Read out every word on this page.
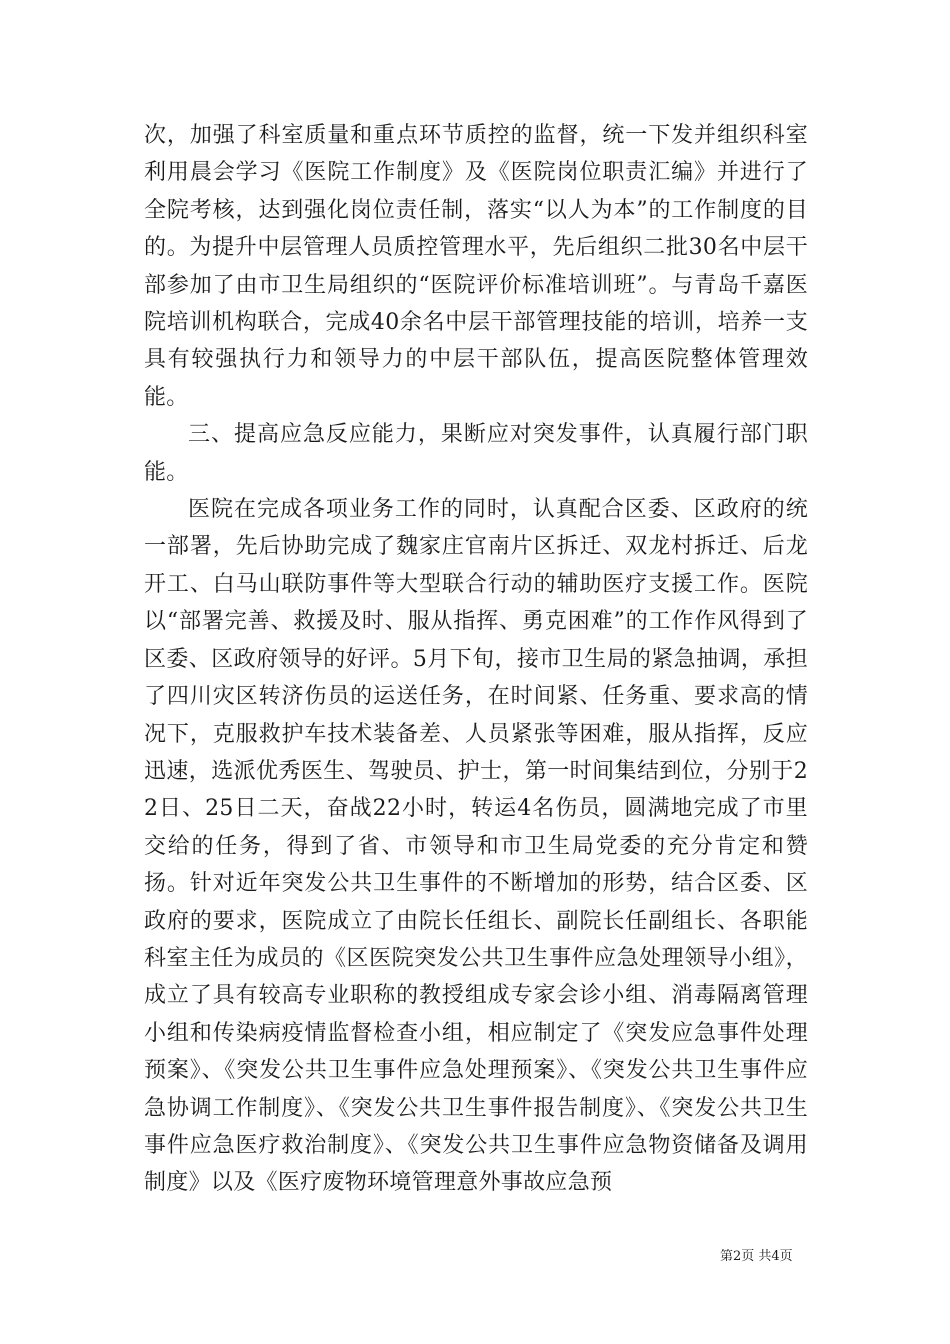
次，加强了科室质量和重点环节质控的监督，统一下发并组织科室利用晨会学习《医院工作制度》及《医院岗位职责汇编》并进行了全院考核，达到强化岗位责任制，落实“以人为本”的工作制度的目的。为提升中层管理人员质控管理水平，先后组织二批30名中层干部参加了由市卫生局组织的“医院评价标准培训班”。与青岛千嘉医院培训机构联合，完成40余名中层干部管理技能的培训，培养一支具有较强执行力和领导力的中层干部队伍，提高医院整体管理效能。

三、提高应急反应能力，果断应对突发事件，认真履行部门职能。

医院在完成各项业务工作的同时，认真配合区委、区政府的统一部署，先后协助完成了魏家庄官南片区拆迁、双龙村拆迁、后龙开工、白马山联防事件等大型联合行动的辅助医疗支援工作。医院以“部署完善、救援及时、服从指挥、勇克困难”的工作作风得到了区委、区政府领导的好评。5月下旬，接市卫生局的紧急抽调，承担了四川灾区转济伤员的运送任务，在时间紧、任务重、要求高的情况下，克服救护车技术装备差、人员紧张等困难，服从指挥，反应迅速，选派优秀医生、驾驶员、护士，第一时间集结到位，分别于22日、25日二天，奋战22小时，转运4名伤员，圆满地完成了市里交给的任务，得到了省、市领导和市卫生局党委的充分肯定和赞扬。针对近年突发公共卫生事件的不断增加的形势，结合区委、区政府的要求，医院成立了由院长任组长、副院长任副组长、各职能科室主任为成员的《区医院突发公共卫生事件应急处理领导小组》，成立了具有较高专业职称的教授组成专家会诊小组、消毒隔离管理小组和传染病疫情监督检查小组，相应制定了《突发应急事件处理预案》、《突发公共卫生事件应急处理预案》、《突发公共卫生事件应急协调工作制度》、《突发公共卫生事件报告制度》、《突发公共卫生事件应急医疗救治制度》、《突发公共卫生事件应急物资储备及调用制度》以及《医疗废物环境管理意外事故应急预

第2页 共4页
